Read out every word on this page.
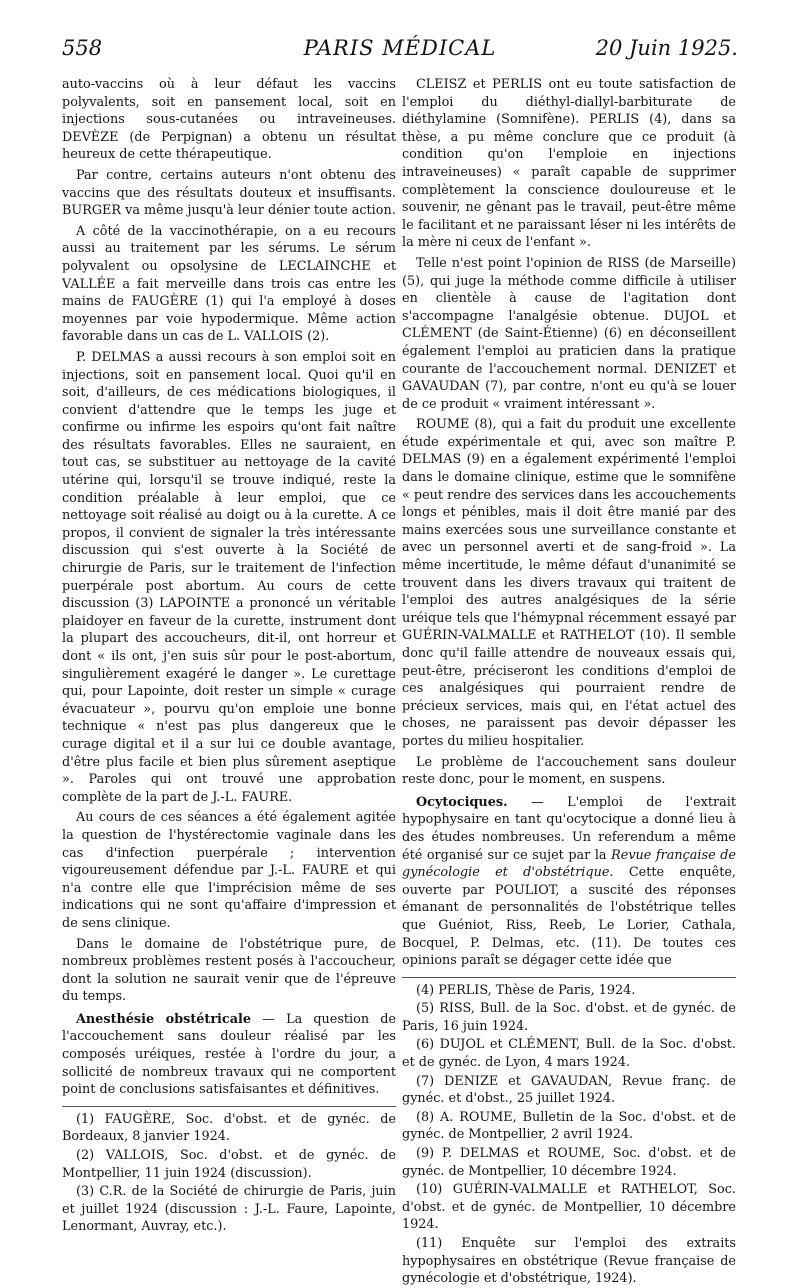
558	PARIS MÉDICAL	20 Juin 1925.

auto-vaccins où à leur défaut les vaccins polyvalents, soit en pansement local, soit en injections sous-cutanées ou intraveineuses. DEVÈZE (de Perpignan) a obtenu un résultat heureux de cette thérapeutique.

Par contre, certains auteurs n'ont obtenu des vaccins que des résultats douteux et insuffisants. BURGER va même jusqu'à leur dénier toute action.

A côté de la vaccinothérapie, on a eu recours aussi au traitement par les sérums. Le sérum polyvalent ou opsolysine de LECLAINCHE et VALLÉE a fait merveille dans trois cas entre les mains de FAUGÈRE (1) qui l'a employé à doses moyennes par voie hypodermique. Même action favorable dans un cas de L. VALLOIS (2).

P. DELMAS a aussi recours à son emploi soit en injections, soit en pansement local. Quoi qu'il en soit, d'ailleurs, de ces médications biologiques, il convient d'attendre que le temps les juge et confirme ou infirme les espoirs qu'ont fait naître des résultats favorables. Elles ne sauraient, en tout cas, se substituer au nettoyage de la cavité utérine qui, lorsqu'il se trouve indiqué, reste la condition préalable à leur emploi, que ce nettoyage soit réalisé au doigt ou à la curette. A ce propos, il convient de signaler la très intéressante discussion qui s'est ouverte à la Société de chirurgie de Paris, sur le traitement de l'infection puerpérale post abortum. Au cours de cette discussion (3) LAPOINTE a prononcé un véritable plaidoyer en faveur de la curette, instrument dont la plupart des accoucheurs, dit-il, ont horreur et dont « ils ont, j'en suis sûr pour le post-abortum, singulièrement exagéré le danger ». Le curettage qui, pour Lapointe, doit rester un simple « curage évacuateur », pourvu qu'on emploie une bonne technique « n'est pas plus dangereux que le curage digital et il a sur lui ce double avantage, d'être plus facile et bien plus sûrement aseptique ». Paroles qui ont trouvé une approbation complète de la part de J.-L. FAURE.

Au cours de ces séances a été également agitée la question de l'hystérectomie vaginale dans les cas d'infection puerpérale ; intervention vigoureusement défendue par J.-L. FAURE et qui n'a contre elle que l'imprécision même de ses indications qui ne sont qu'affaire d'impression et de sens clinique.

Dans le domaine de l'obstétrique pure, de nombreux problèmes restent posés à l'accoucheur, dont la solution ne saurait venir que de l'épreuve du temps.

Anesthésie obstétricale — La question de l'accouchement sans douleur réalisé par les composés uréiques, restée à l'ordre du jour, a sollicité de nombreux travaux qui ne comportent point de conclusions satisfaisantes et définitives.

(1) FAUGÈRE, Soc. d'obst. et de gynéc. de Bordeaux, 8 janvier 1924.

(2) VALLOIS, Soc. d'obst. et de gynéc. de Montpellier, 11 juin 1924 (discussion).

(3) C.R. de la Société de chirurgie de Paris, juin et juillet 1924 (discussion : J.-L. Faure, Lapointe, Lenormant, Auvray, etc.).

CLEISZ et PERLIS ont eu toute satisfaction de l'emploi du diéthyl-diallyl-barbiturate de diéthylamine (Somnifène). PERLIS (4), dans sa thèse, a pu même conclure que ce produit (à condition qu'on l'emploie en injections intraveineuses) « paraît capable de supprimer complètement la conscience douloureuse et le souvenir, ne gênant pas le travail, peut-être même le facilitant et ne paraissant léser ni les intérêts de la mère ni ceux de l'enfant ».

Telle n'est point l'opinion de RISS (de Marseille) (5), qui juge la méthode comme difficile à utiliser en clientèle à cause de l'agitation dont s'accompagne l'analgésie obtenue. DUJOL et CLÉMENT (de Saint-Étienne) (6) en déconseillent également l'emploi au praticien dans la pratique courante de l'accouchement normal. DENIZET et GAVAUDAN (7), par contre, n'ont eu qu'à se louer de ce produit « vraiment intéressant ».

ROUME (8), qui a fait du produit une excellente étude expérimentale et qui, avec son maître P. DELMAS (9) en a également expérimenté l'emploi dans le domaine clinique, estime que le somnifène « peut rendre des services dans les accouchements longs et pénibles, mais il doit être manié par des mains exercées sous une surveillance constante et avec un personnel averti et de sang-froid ». La même incertitude, le même défaut d'unanimité se trouvent dans les divers travaux qui traitent de l'emploi des autres analgésiques de la série uréique tels que l'hémypnal récemment essayé par GUÉRIN-VALMALLE et RATHELOT (10). Il semble donc qu'il faille attendre de nouveaux essais qui, peut-être, préciseront les conditions d'emploi de ces analgésiques qui pourraient rendre de précieux services, mais qui, en l'état actuel des choses, ne paraissent pas devoir dépasser les portes du milieu hospitalier.

Le problème de l'accouchement sans douleur reste donc, pour le moment, en suspens.

Ocytociques. — L'emploi de l'extrait hypophysaire en tant qu'ocytocique a donné lieu à des études nombreuses. Un referendum a même été organisé sur ce sujet par la Revue française de gynécologie et d'obstétrique. Cette enquête, ouverte par POULIOT, a suscité des réponses émanant de personnalités de l'obstétrique telles que Guéniot, Riss, Reeb, Le Lorier, Cathala, Bocquel, P. Delmas, etc. (11). De toutes ces opinions paraît se dégager cette idée que

(4) PERLIS, Thèse de Paris, 1924.

(5) RISS, Bull. de la Soc. d'obst. et de gynéc. de Paris, 16 juin 1924.

(6) DUJOL et CLÉMENT, Bull. de la Soc. d'obst. et de gynéc. de Lyon, 4 mars 1924.

(7) DENIZE et GAVAUDAN, Revue franç. de gynéc. et d'obst., 25 juillet 1924.

(8) A. ROUME, Bulletin de la Soc. d'obst. et de gynéc. de Montpellier, 2 avril 1924.

(9) P. DELMAS et ROUME, Soc. d'obst. et de gynéc. de Montpellier, 10 décembre 1924.

(10) GUÉRIN-VALMALLE et RATHELOT, Soc. d'obst. et de gynéc. de Montpellier, 10 décembre 1924.

(11) Enquête sur l'emploi des extraits hypophysaires en obstétrique (Revue française de gynécologie et d'obstétrique, 1924).
